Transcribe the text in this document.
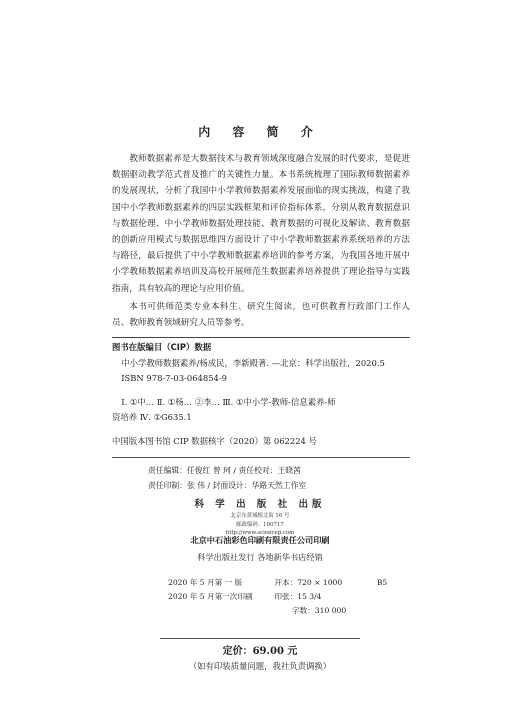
内 容 简 介

教师数据素养是大数据技术与教育领域深度融合发展的时代要求，是促进数据驱动教学范式普及推广的关键性力量。本书系统梳理了国际教师数据素养的发展现状，分析了我国中小学教师数据素养发展面临的现实挑战，构建了我国中小学教师数据素养的四层实践框架和评价指标体系，分别从教育数据意识与数据伦理、中小学教师数据处理技能、教育数据的可视化及解读、教育数据的创新应用模式与数据思维四方面设计了中小学教师数据素养系统培养的方法与路径，最后提供了中小学教师数据素养培训的参考方案，为我国各地开展中小学教师数据素养培训及高校开展师范生数据素养培养提供了理论指导与实践指南，具有较高的理论与应用价值。

本书可供师范类专业本科生、研究生阅读，也可供教育行政部门工作人员、教师教育领域研究人员等参考。

图书在版编目（CIP）数据
中小学教师数据素养/杨成民，李新殿著. —北京：科学出版社，2020.5
ISBN 978-7-03-064854-9
Ⅰ. ①中… Ⅱ. ①杨… ②李… Ⅲ. ①中小学-教师-信息素养-师
资培养 Ⅳ. ①G635.1
中国版本图书馆 CIP 数据核字（2020）第 062224 号
责任编辑：任俊红 曾 珂 / 责任校对：王晓茜
责任印制：张 伟 / 封面设计：华路天然工作室
科 学 出 版 社 出版
北京东黄城根北街 16 号
邮政编码：100717
http://www.sciencep.com
北京中石油彩色印刷有限责任公司印刷
科学出版社发行 各地新华书店经销
2020 年 5 月第 一 版	开本：720 × 1000	B5
2020 年 5 月第一次印刷	印张：15 3/4
字数：310 000
定价：69.00 元
（如有印装质量问题，我社负责调换）
